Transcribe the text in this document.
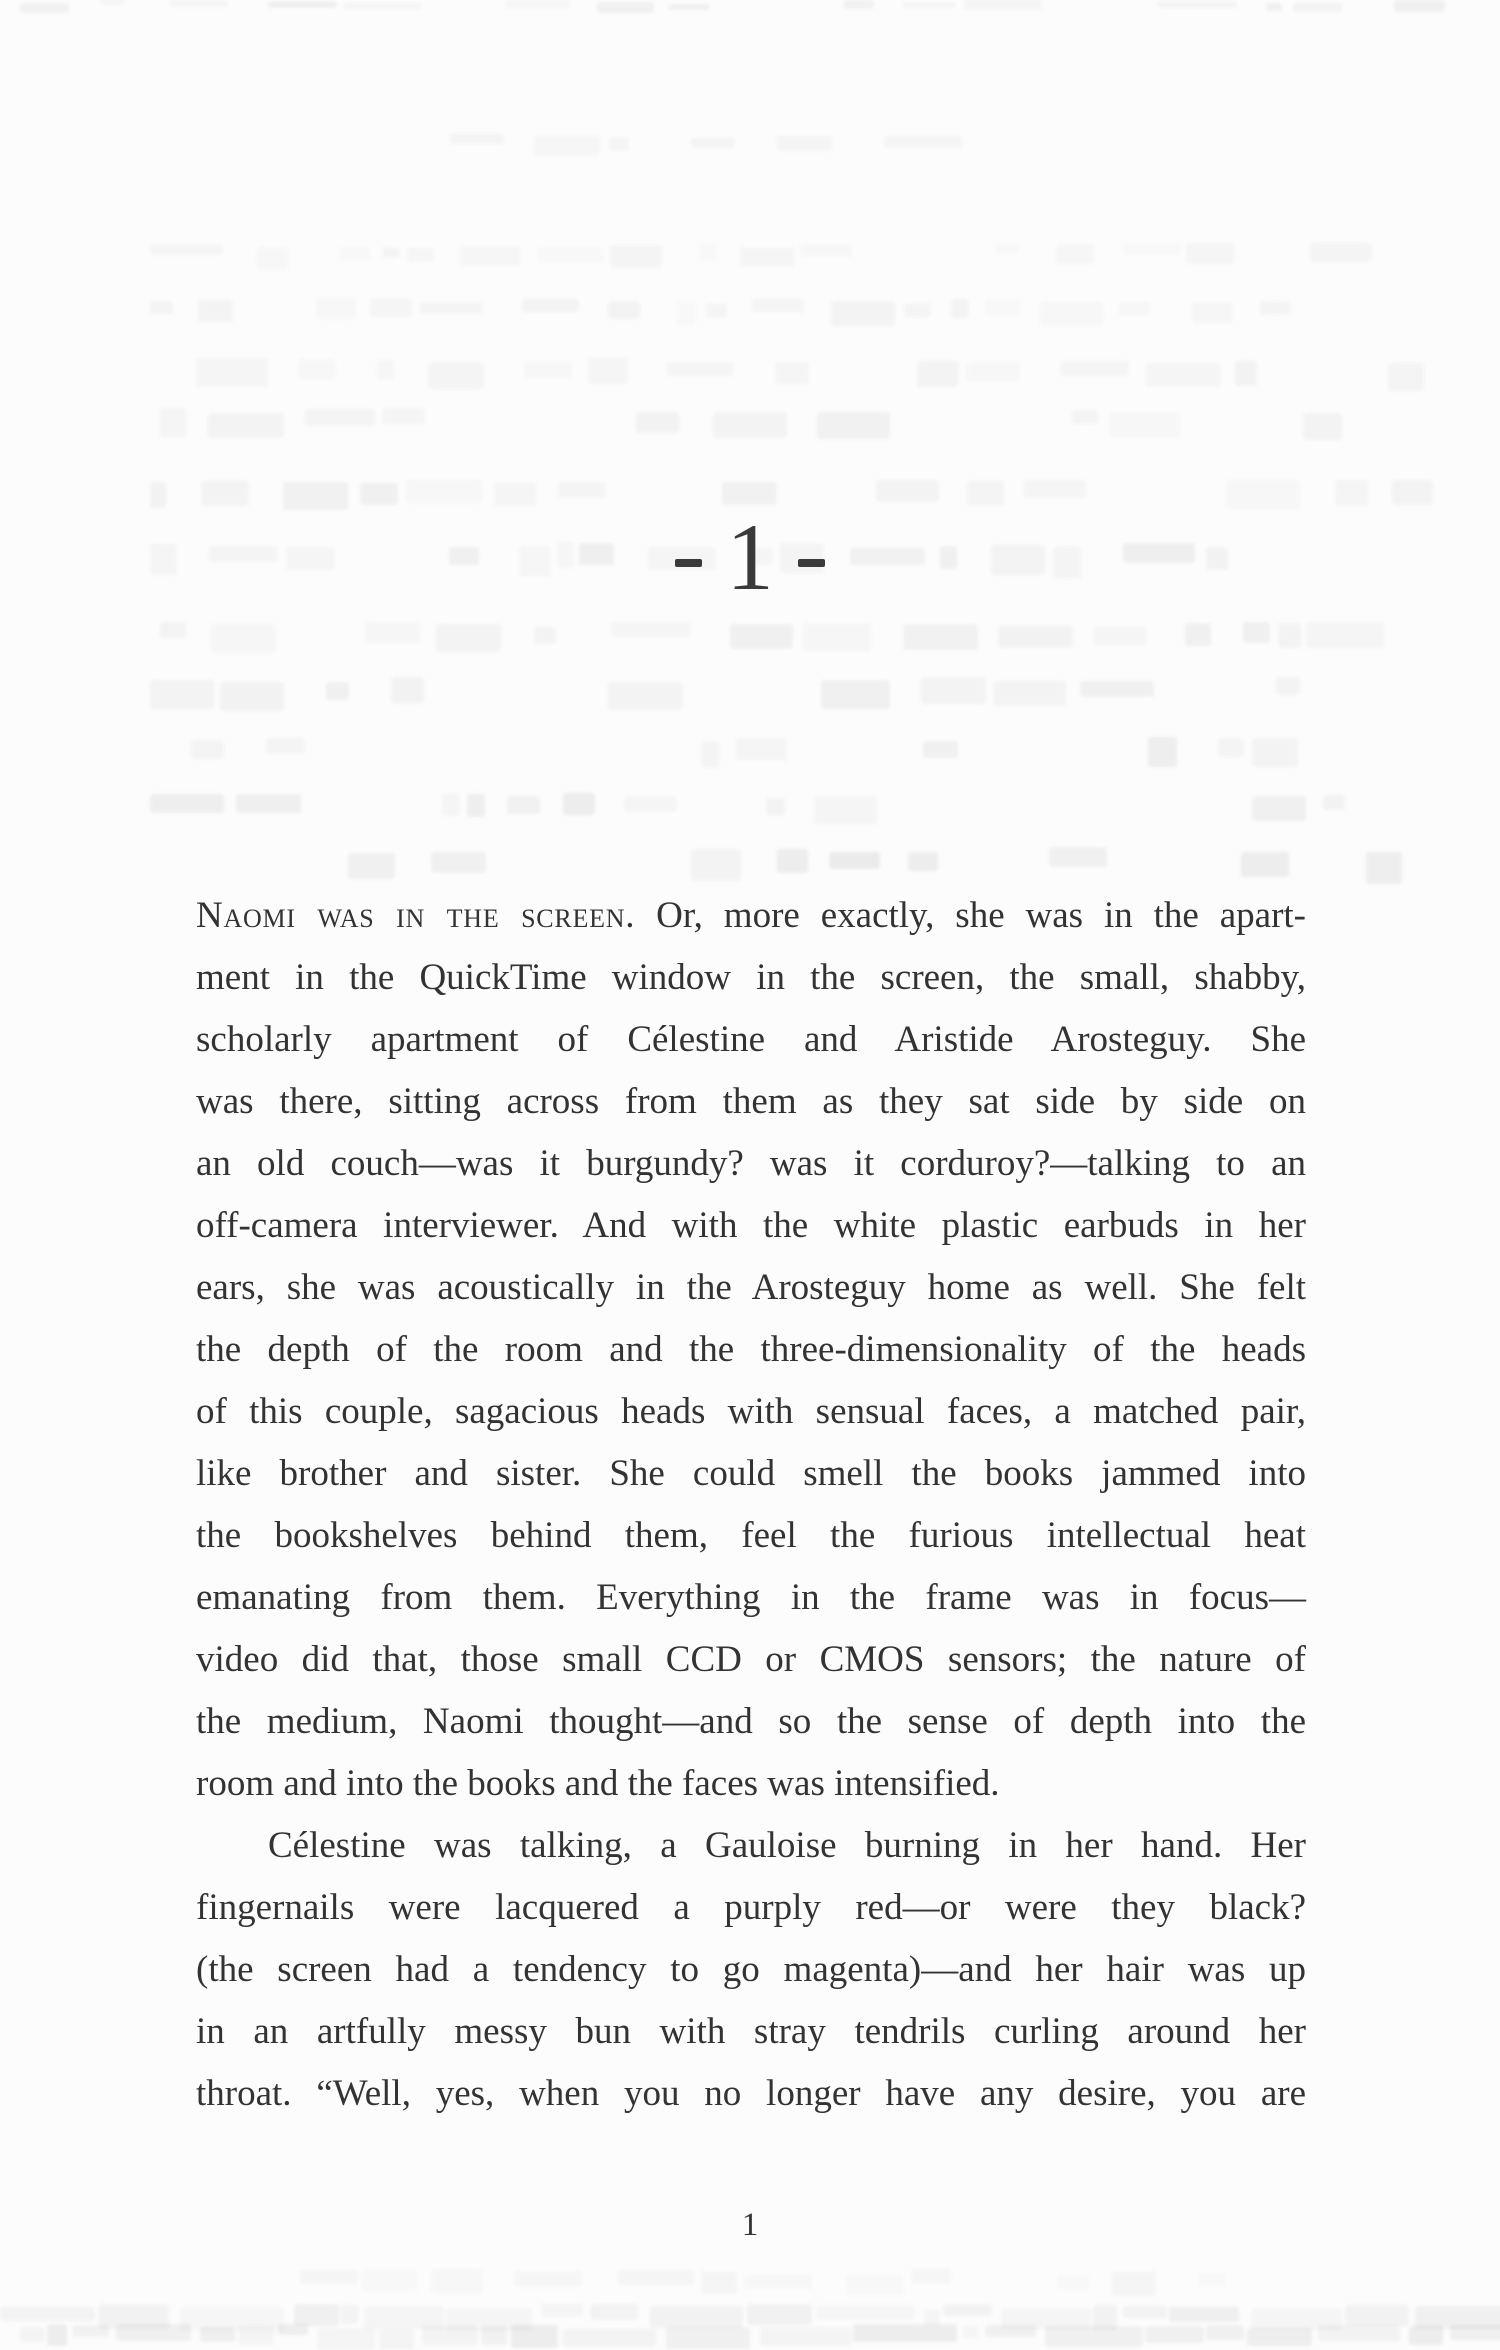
1
Naomi was in the screen. Or, more exactly, she was in the apart-
ment in the QuickTime window in the screen, the small, shabby,
scholarly apartment of Célestine and Aristide Arosteguy. She
was there, sitting across from them as they sat side by side on
an old couch—was it burgundy? was it corduroy?—talking to an
off-camera interviewer. And with the white plastic earbuds in her
ears, she was acoustically in the Arosteguy home as well. She felt
the depth of the room and the three-dimensionality of the heads
of this couple, sagacious heads with sensual faces, a matched pair,
like brother and sister. She could smell the books jammed into
the bookshelves behind them, feel the furious intellectual heat
emanating from them. Everything in the frame was in focus—
video did that, those small CCD or CMOS sensors; the nature of
the medium, Naomi thought—and so the sense of depth into the
room and into the books and the faces was intensified.
Célestine was talking, a Gauloise burning in her hand. Her
fingernails were lacquered a purply red—or were they black?
(the screen had a tendency to go magenta)—and her hair was up
in an artfully messy bun with stray tendrils curling around her
throat. “Well, yes, when you no longer have any desire, you are
1
